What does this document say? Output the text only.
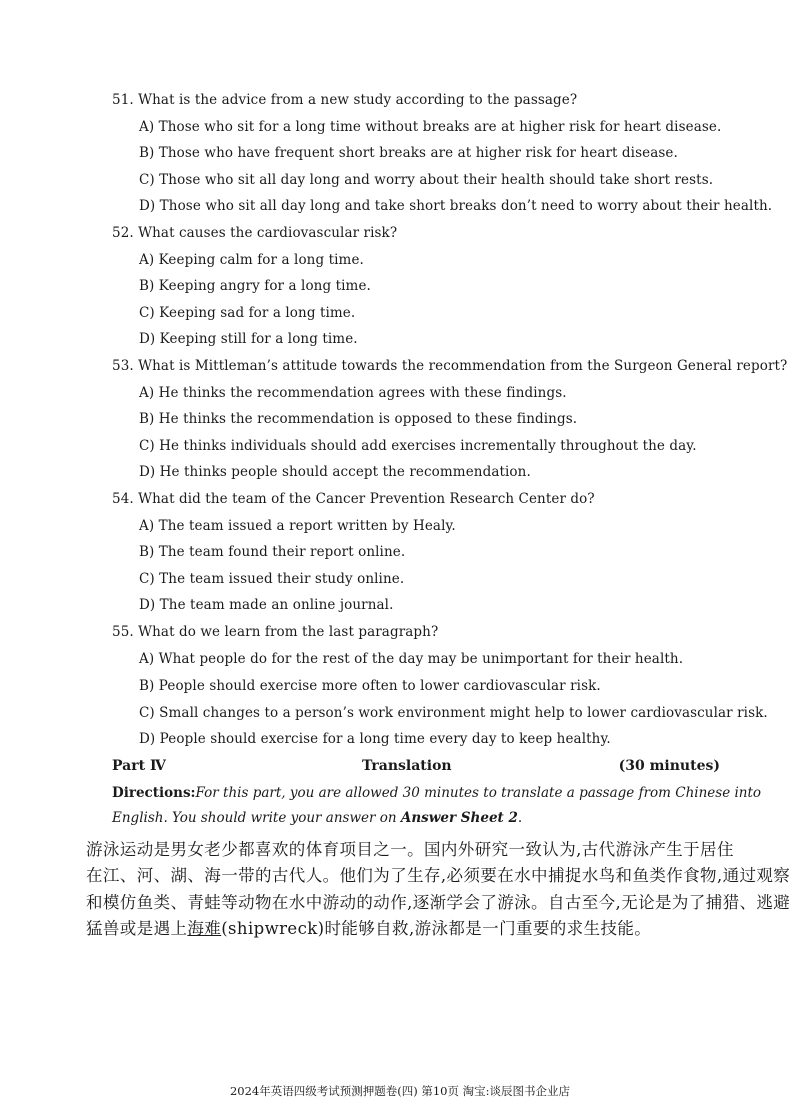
51. What is the advice from a new study according to the passage?
A) Those who sit for a long time without breaks are at higher risk for heart disease.
B) Those who have frequent short breaks are at higher risk for heart disease.
C) Those who sit all day long and worry about their health should take short rests.
D) Those who sit all day long and take short breaks don’t need to worry about their health.
52. What causes the cardiovascular risk?
A) Keeping calm for a long time.
B) Keeping angry for a long time.
C) Keeping sad for a long time.
D) Keeping still for a long time.
53. What is Mittleman’s attitude towards the recommendation from the Surgeon General report?
A) He thinks the recommendation agrees with these findings.
B) He thinks the recommendation is opposed to these findings.
C) He thinks individuals should add exercises incrementally throughout the day.
D) He thinks people should accept the recommendation.
54. What did the team of the Cancer Prevention Research Center do?
A) The team issued a report written by Healy.
B) The team found their report online.
C) The team issued their study online.
D) The team made an online journal.
55. What do we learn from the last paragraph?
A) What people do for the rest of the day may be unimportant for their health.
B) People should exercise more often to lower cardiovascular risk.
C) Small changes to a person’s work environment might help to lower cardiovascular risk.
D) People should exercise for a long time every day to keep healthy.
Part Ⅳ	Translation	(30 minutes)
Directions:For this part, you are allowed 30 minutes to translate a passage from Chinese into
English. You should write your answer on Answer Sheet 2.
游泳运动是男女老少都喜欢的体育项目之一。国内外研究一致认为,古代游泳产生于居住
在江、河、湖、海一带的古代人。他们为了生存,必须要在水中捕捉水鸟和鱼类作食物,通过观察
和模仿鱼类、青蛙等动物在水中游动的动作,逐渐学会了游泳。自古至今,无论是为了捕猎、逃避
猛兽或是遇上海难(shipwreck)时能够自救,游泳都是一门重要的求生技能。
2024年英语四级考试预测押题卷(四) 第10页 淘宝:谈辰图书企业店
